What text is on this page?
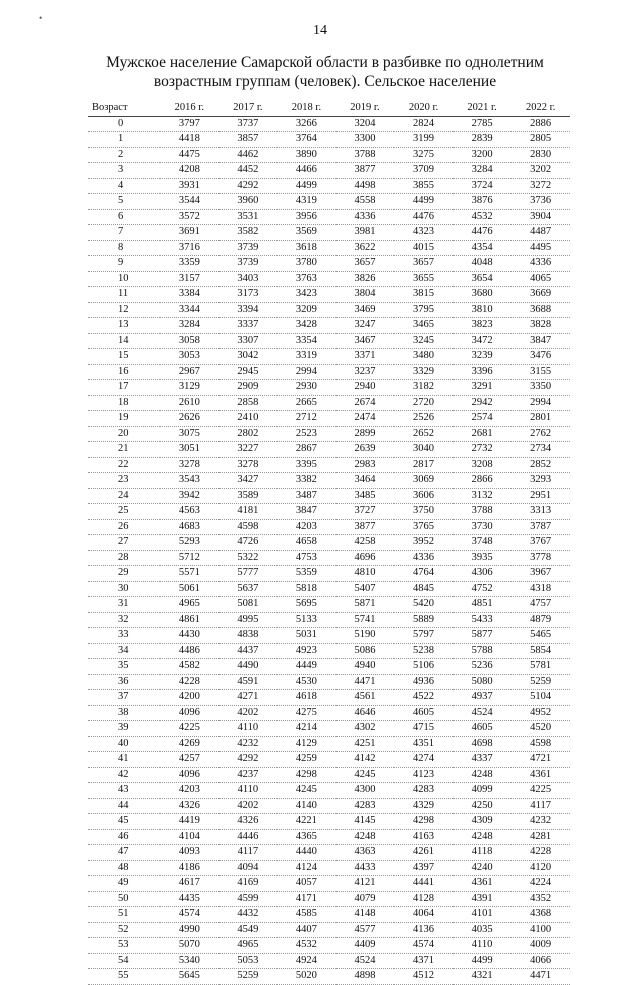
•
14
Мужское население Самарской области в разбивке по однолетним
возрастным группам (человек). Сельское население
Возраст	2016 г.	2017 г.	2018 г.	2019 г.	2020 г.	2021 г.	2022 г.
0	3797	3737	3266	3204	2824	2785	2886
1	4418	3857	3764	3300	3199	2839	2805
2	4475	4462	3890	3788	3275	3200	2830
3	4208	4452	4466	3877	3709	3284	3202
4	3931	4292	4499	4498	3855	3724	3272
5	3544	3960	4319	4558	4499	3876	3736
6	3572	3531	3956	4336	4476	4532	3904
7	3691	3582	3569	3981	4323	4476	4487
8	3716	3739	3618	3622	4015	4354	4495
9	3359	3739	3780	3657	3657	4048	4336
10	3157	3403	3763	3826	3655	3654	4065
11	3384	3173	3423	3804	3815	3680	3669
12	3344	3394	3209	3469	3795	3810	3688
13	3284	3337	3428	3247	3465	3823	3828
14	3058	3307	3354	3467	3245	3472	3847
15	3053	3042	3319	3371	3480	3239	3476
16	2967	2945	2994	3237	3329	3396	3155
17	3129	2909	2930	2940	3182	3291	3350
18	2610	2858	2665	2674	2720	2942	2994
19	2626	2410	2712	2474	2526	2574	2801
20	3075	2802	2523	2899	2652	2681	2762
21	3051	3227	2867	2639	3040	2732	2734
22	3278	3278	3395	2983	2817	3208	2852
23	3543	3427	3382	3464	3069	2866	3293
24	3942	3589	3487	3485	3606	3132	2951
25	4563	4181	3847	3727	3750	3788	3313
26	4683	4598	4203	3877	3765	3730	3787
27	5293	4726	4658	4258	3952	3748	3767
28	5712	5322	4753	4696	4336	3935	3778
29	5571	5777	5359	4810	4764	4306	3967
30	5061	5637	5818	5407	4845	4752	4318
31	4965	5081	5695	5871	5420	4851	4757
32	4861	4995	5133	5741	5889	5433	4879
33	4430	4838	5031	5190	5797	5877	5465
34	4486	4437	4923	5086	5238	5788	5854
35	4582	4490	4449	4940	5106	5236	5781
36	4228	4591	4530	4471	4936	5080	5259
37	4200	4271	4618	4561	4522	4937	5104
38	4096	4202	4275	4646	4605	4524	4952
39	4225	4110	4214	4302	4715	4605	4520
40	4269	4232	4129	4251	4351	4698	4598
41	4257	4292	4259	4142	4274	4337	4721
42	4096	4237	4298	4245	4123	4248	4361
43	4203	4110	4245	4300	4283	4099	4225
44	4326	4202	4140	4283	4329	4250	4117
45	4419	4326	4221	4145	4298	4309	4232
46	4104	4446	4365	4248	4163	4248	4281
47	4093	4117	4440	4363	4261	4118	4228
48	4186	4094	4124	4433	4397	4240	4120
49	4617	4169	4057	4121	4441	4361	4224
50	4435	4599	4171	4079	4128	4391	4352
51	4574	4432	4585	4148	4064	4101	4368
52	4990	4549	4407	4577	4136	4035	4100
53	5070	4965	4532	4409	4574	4110	4009
54	5340	5053	4924	4524	4371	4499	4066
55	5645	5259	5020	4898	4512	4321	4471
